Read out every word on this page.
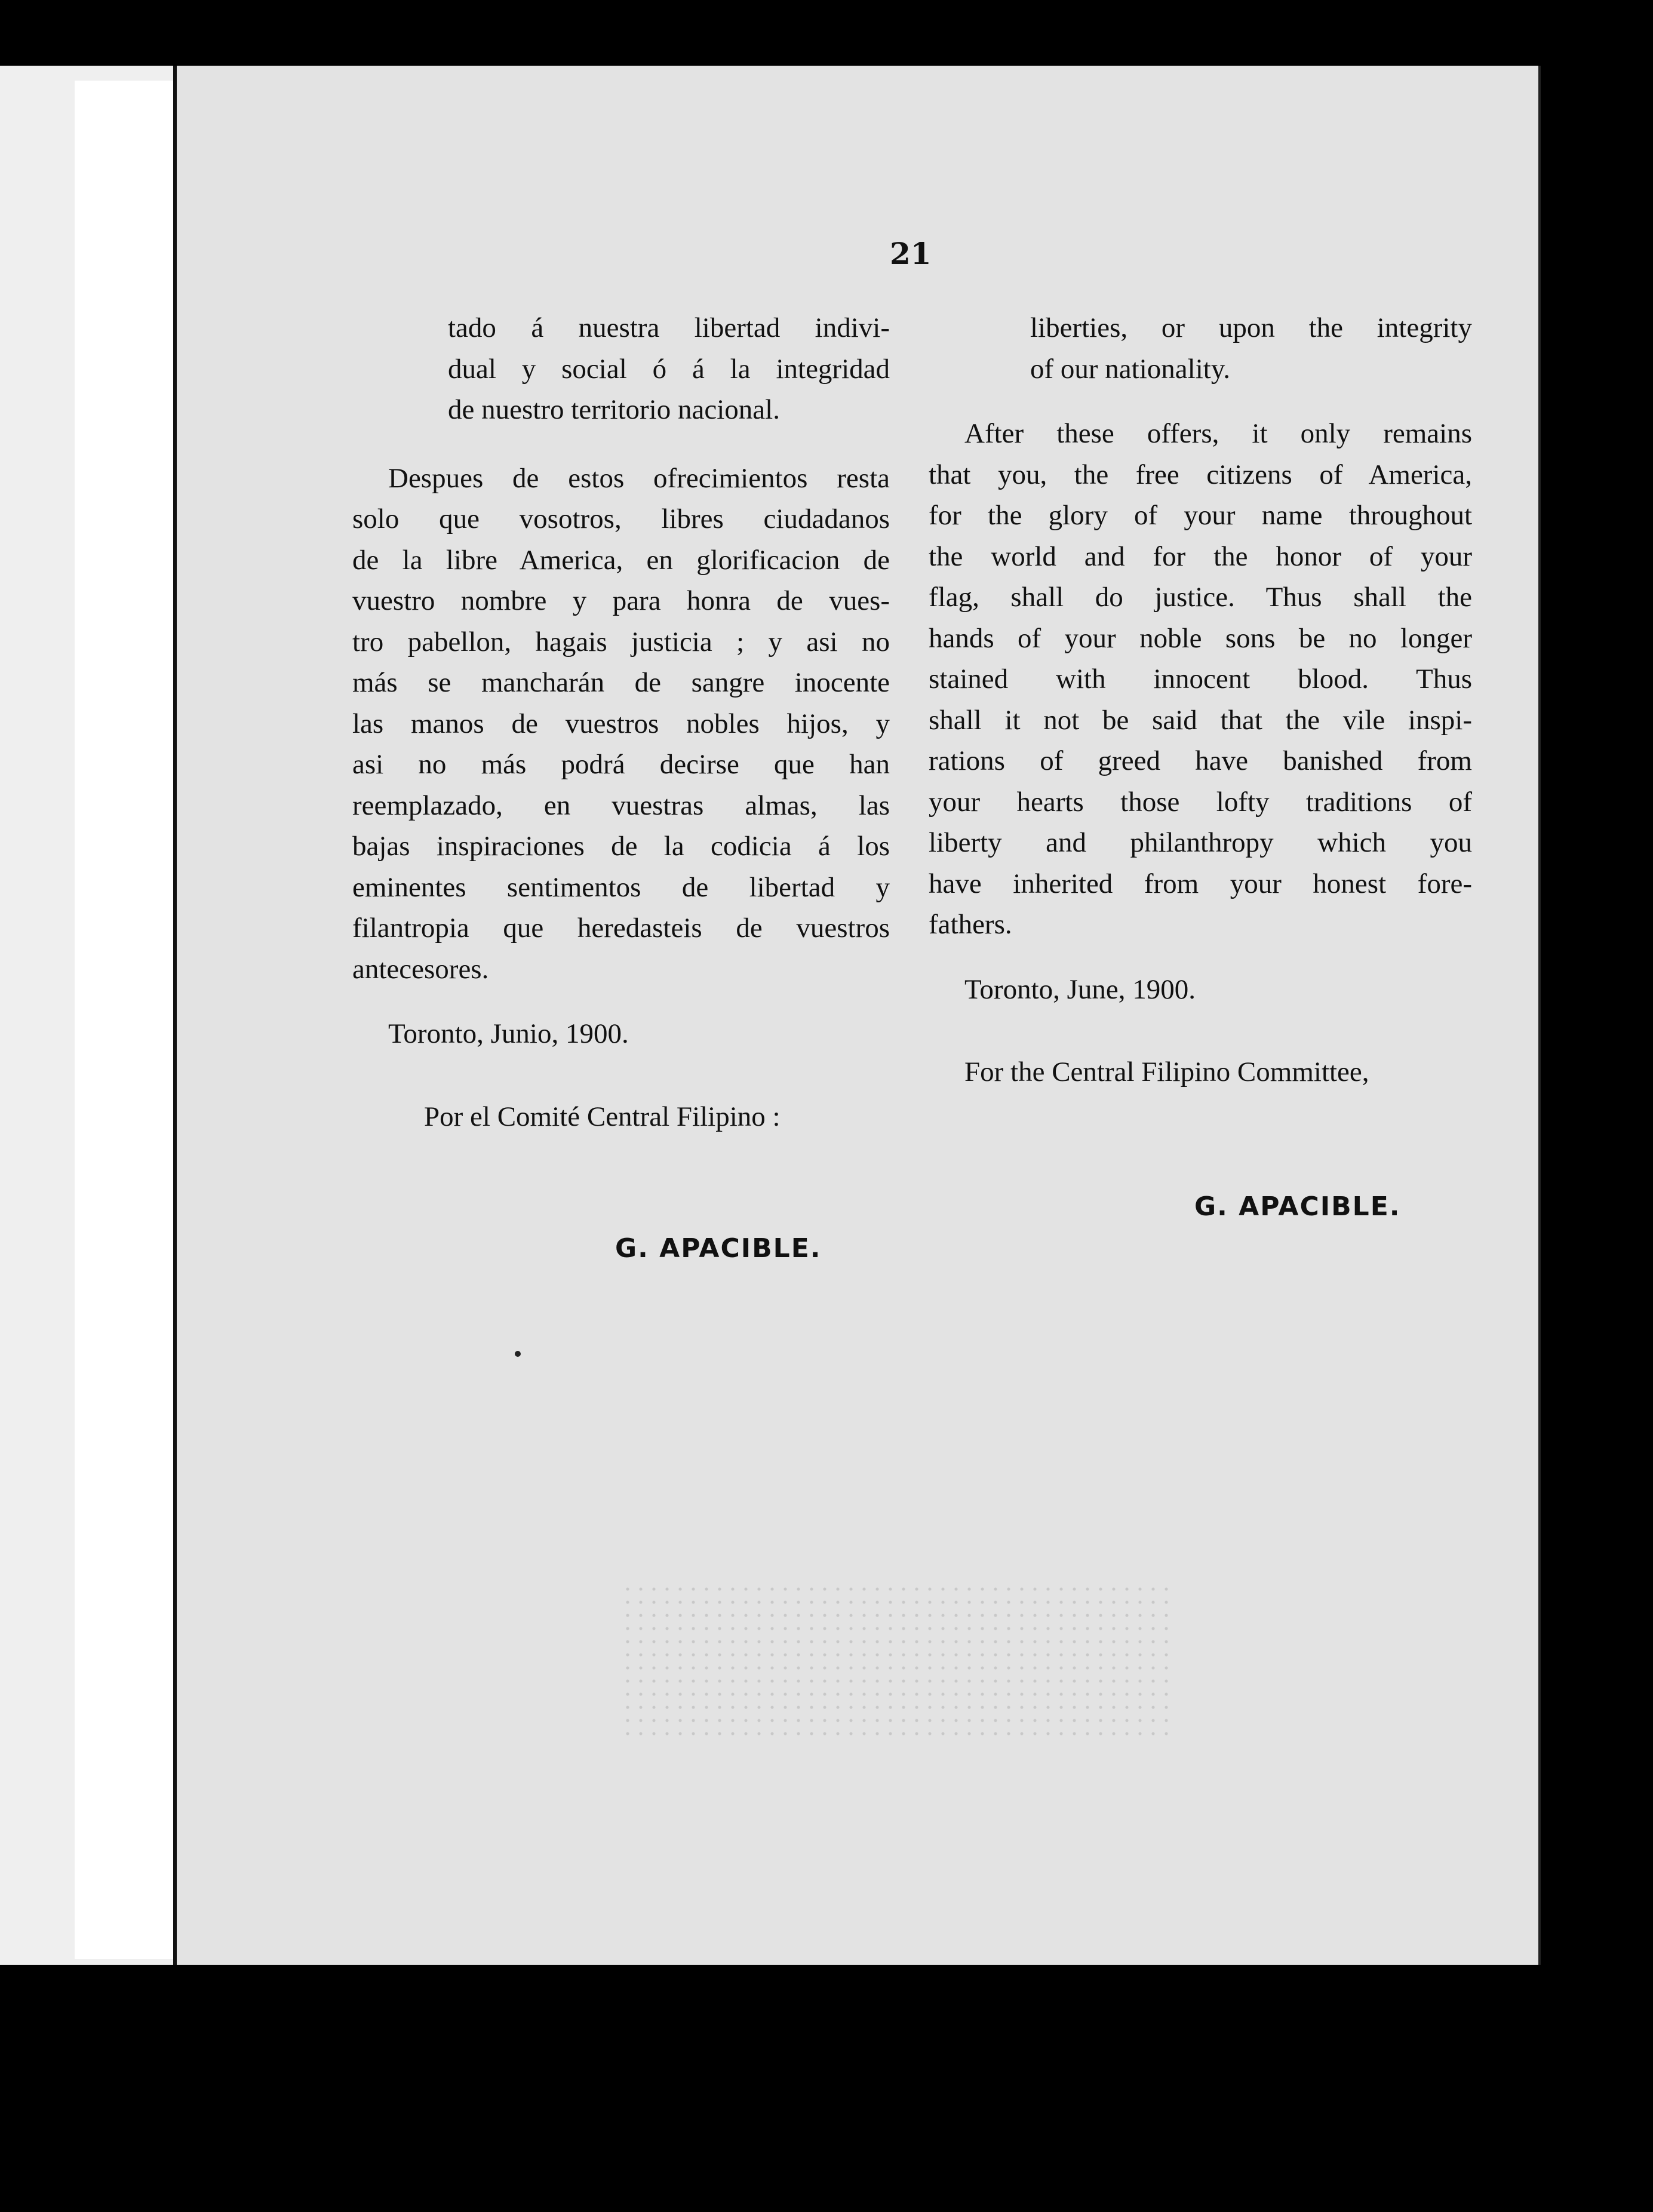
21
tado á nuestra libertad indivi-
dual y social ó á la integridad
de nuestro territorio nacional.
Despues de estos ofrecimientos resta
solo que vosotros, libres ciudadanos
de la libre America, en glorificacion de
vuestro nombre y para honra de vues-
tro pabellon, hagais justicia ; y asi no
más se mancharán de sangre inocente
las manos de vuestros nobles hijos, y
asi no más podrá decirse que han
reemplazado, en vuestras almas, las
bajas inspiraciones de la codicia á los
eminentes sentimentos de libertad y
filantropia que heredasteis de vuestros
antecesores.

Toronto, Junio, 1900.

Por el Comité Central Filipino :

G. APACIBLE.
liberties, or upon the integrity
of our nationality.
After these offers, it only remains
that you, the free citizens of America,
for the glory of your name throughout
the world and for the honor of your
flag, shall do justice. Thus shall the
hands of your noble sons be no longer
stained with innocent blood. Thus
shall it not be said that the vile inspi-
rations of greed have banished from
your hearts those lofty traditions of
liberty and philanthropy which you
have inherited from your honest fore-
fathers.

Toronto, June, 1900.

For the Central Filipino Committee,

G. APACIBLE.
